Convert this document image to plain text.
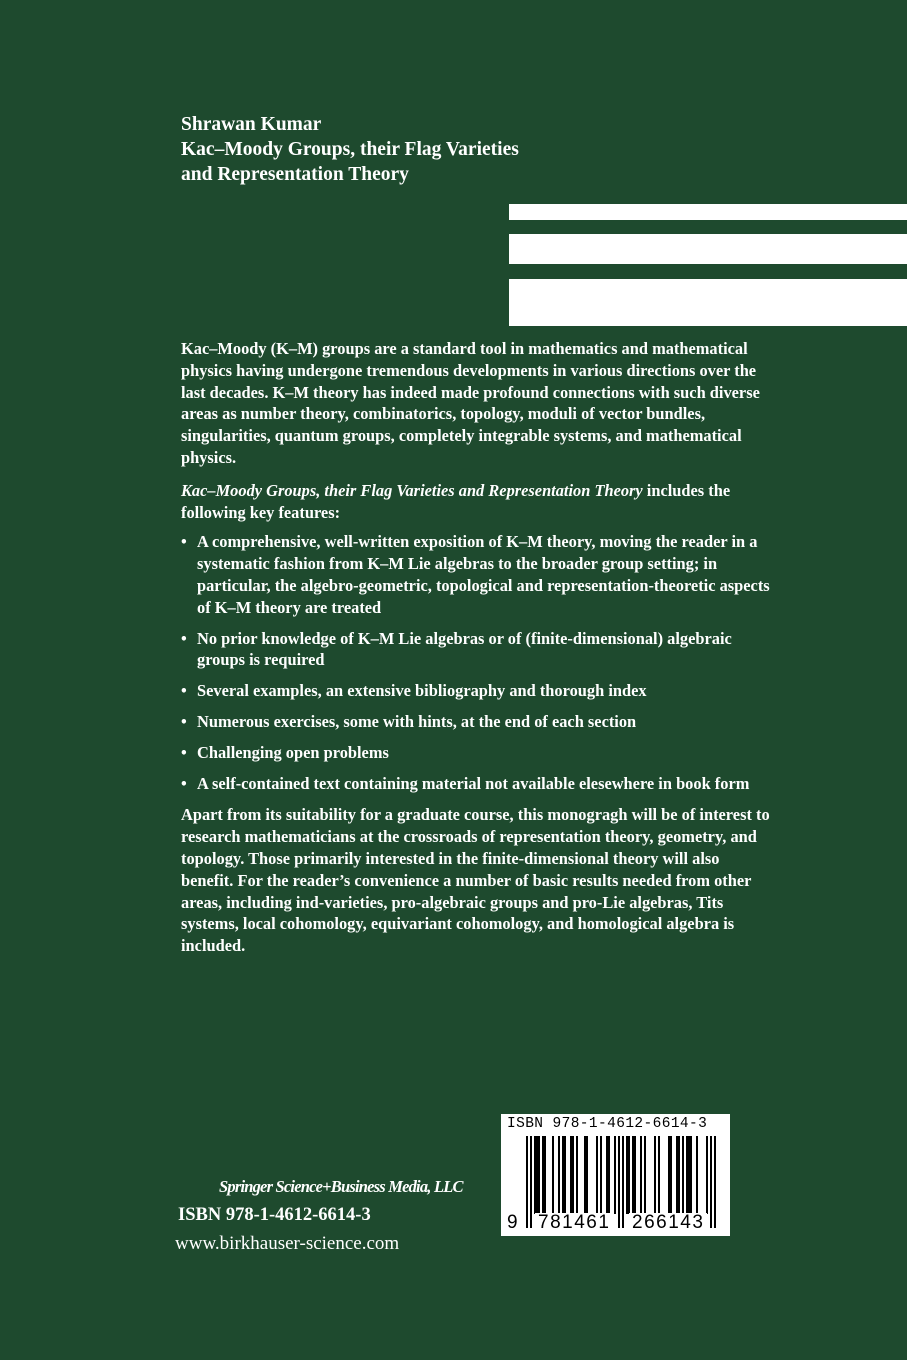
Shrawan Kumar
Kac–Moody Groups, their Flag Varieties
and Representation Theory

Kac–Moody (K–M) groups are a standard tool in mathematics and mathematical physics having undergone tremendous developments in various directions over the last decades. K–M theory has indeed made profound connections with such diverse areas as number theory, combinatorics, topology, moduli of vector bundles, singularities, quantum groups, completely integrable systems, and mathematical physics.

Kac–Moody Groups, their Flag Varieties and Representation Theory includes the following key features:

• A comprehensive, well-written exposition of K–M theory, moving the reader in a systematic fashion from K–M Lie algebras to the broader group setting; in particular, the algebro-geometric, topological and representation-theoretic aspects of K–M theory are treated
• No prior knowledge of K–M Lie algebras or of (finite-dimensional) algebraic groups is required
• Several examples, an extensive bibliography and thorough index
• Numerous exercises, some with hints, at the end of each section
• Challenging open problems
• A self-contained text containing material not available elesewhere in book form

Apart from its suitability for a graduate course, this monogragh will be of interest to research mathematicians at the crossroads of representation theory, geometry, and topology. Those primarily interested in the finite-dimensional theory will also benefit. For the reader’s convenience a number of basic results needed from other areas, including ind-varieties, pro-algebraic groups and pro-Lie algebras, Tits systems, local cohomology, equivariant cohomology, and homological algebra is included.

Springer Science+Business Media, LLC
ISBN 978-1-4612-6614-3
www.birkhauser-science.com
ISBN 978-1-4612-6614-3
9 781461 266143
